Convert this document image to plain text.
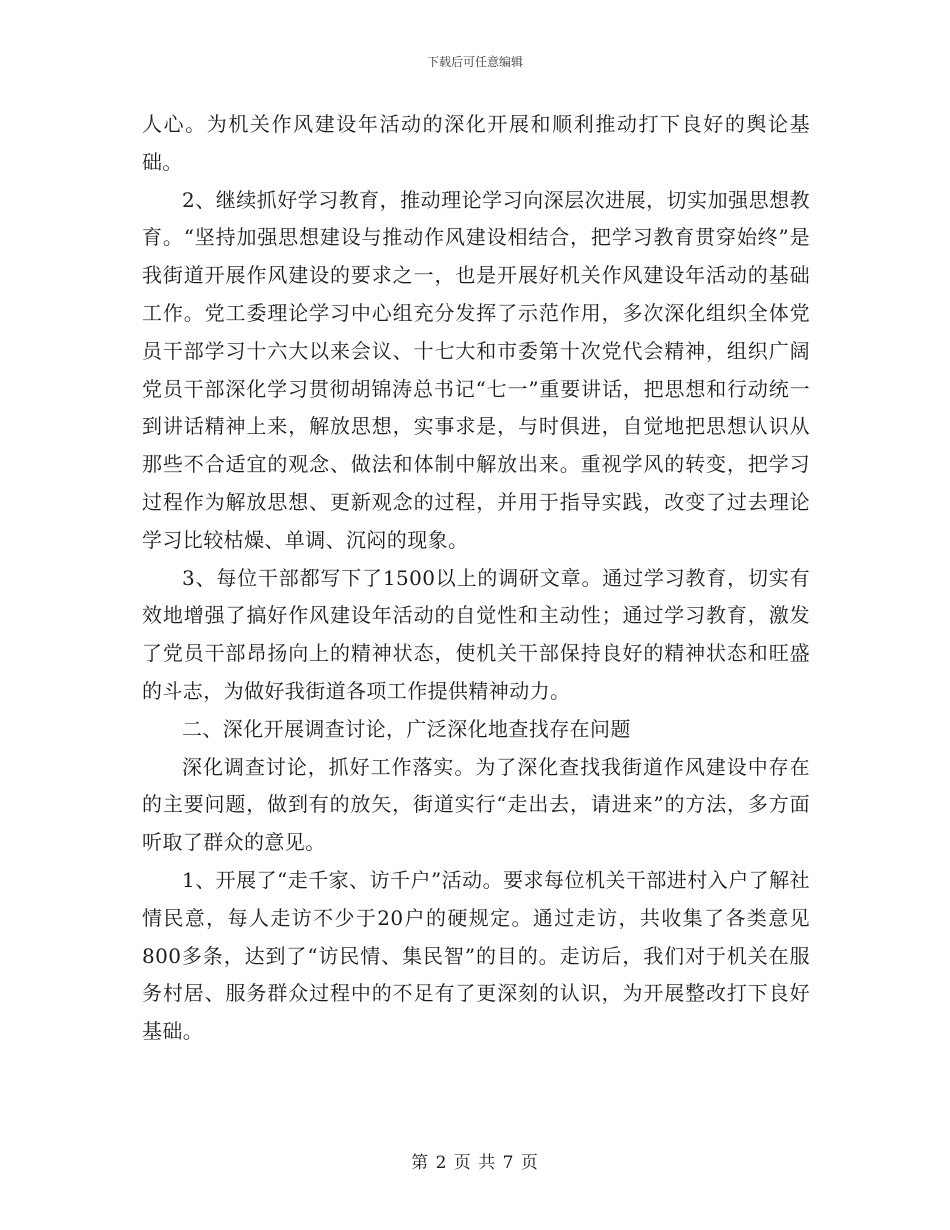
下载后可任意编辑

人心。为机关作风建设年活动的深化开展和顺利推动打下良好的舆论基础。

2、继续抓好学习教育，推动理论学习向深层次进展，切实加强思想教育。“坚持加强思想建设与推动作风建设相结合，把学习教育贯穿始终”是我街道开展作风建设的要求之一，也是开展好机关作风建设年活动的基础工作。党工委理论学习中心组充分发挥了示范作用，多次深化组织全体党员干部学习十六大以来会议、十七大和市委第十次党代会精神，组织广阔党员干部深化学习贯彻胡锦涛总书记“七一”重要讲话，把思想和行动统一到讲话精神上来，解放思想，实事求是，与时俱进，自觉地把思想认识从那些不合适宜的观念、做法和体制中解放出来。重视学风的转变，把学习过程作为解放思想、更新观念的过程，并用于指导实践，改变了过去理论学习比较枯燥、单调、沉闷的现象。

3、每位干部都写下了1500以上的调研文章。通过学习教育，切实有效地增强了搞好作风建设年活动的自觉性和主动性；通过学习教育，激发了党员干部昂扬向上的精神状态，使机关干部保持良好的精神状态和旺盛的斗志，为做好我街道各项工作提供精神动力。

二、深化开展调查讨论，广泛深化地查找存在问题

深化调查讨论，抓好工作落实。为了深化查找我街道作风建设中存在的主要问题，做到有的放矢，街道实行“走出去，请进来”的方法，多方面听取了群众的意见。

1、开展了“走千家、访千户”活动。要求每位机关干部进村入户了解社情民意，每人走访不少于20户的硬规定。通过走访，共收集了各类意见800多条，达到了“访民情、集民智”的目的。走访后，我们对于机关在服务村居、服务群众过程中的不足有了更深刻的认识，为开展整改打下良好基础。

第 2 页 共 7 页
